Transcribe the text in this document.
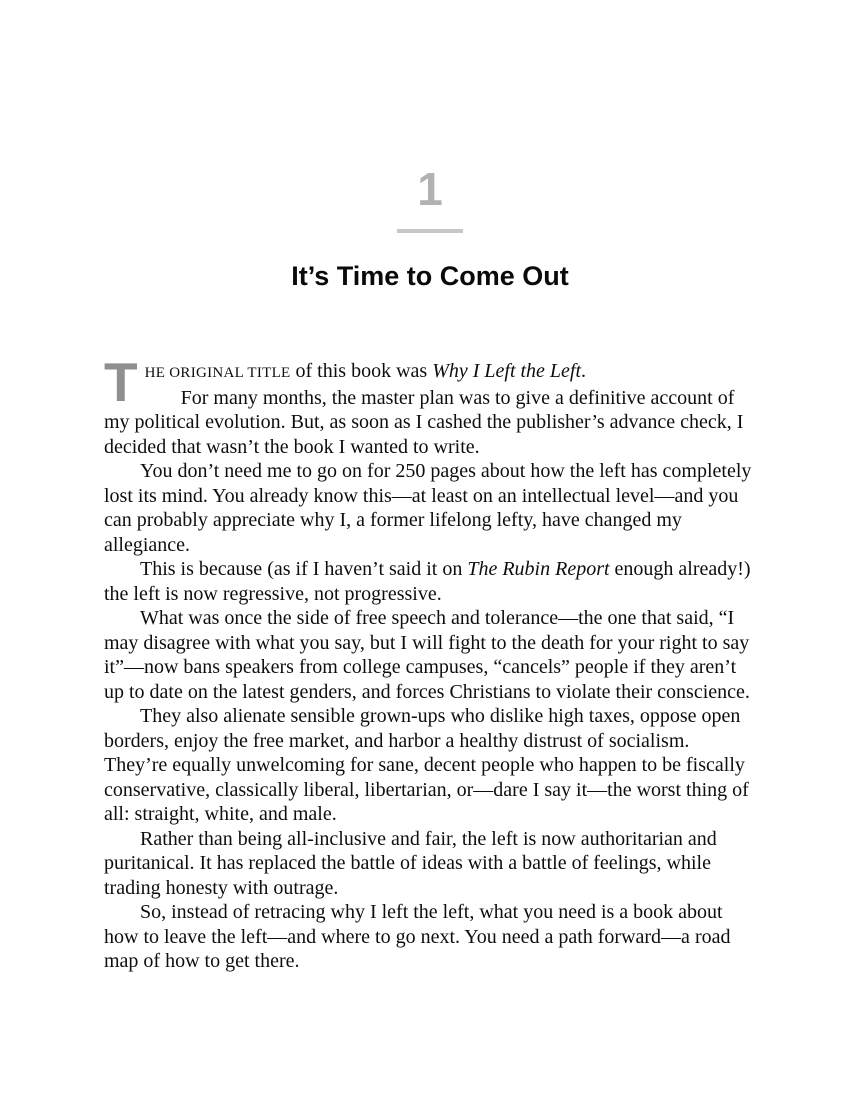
1
It’s Time to Come Out

THE ORIGINAL TITLE of this book was Why I Left the Left.

For many months, the master plan was to give a definitive account of my political evolution. But, as soon as I cashed the publisher’s advance check, I decided that wasn’t the book I wanted to write.

You don’t need me to go on for 250 pages about how the left has completely lost its mind. You already know this—at least on an intellectual level—and you can probably appreciate why I, a former lifelong lefty, have changed my allegiance.

This is because (as if I haven’t said it on The Rubin Report enough already!) the left is now regressive, not progressive.

What was once the side of free speech and tolerance—the one that said, “I may disagree with what you say, but I will fight to the death for your right to say it”—now bans speakers from college campuses, “cancels” people if they aren’t up to date on the latest genders, and forces Christians to violate their conscience.

They also alienate sensible grown-ups who dislike high taxes, oppose open borders, enjoy the free market, and harbor a healthy distrust of socialism. They’re equally unwelcoming for sane, decent people who happen to be fiscally conservative, classically liberal, libertarian, or—dare I say it—the worst thing of all: straight, white, and male.

Rather than being all-inclusive and fair, the left is now authoritarian and puritanical. It has replaced the battle of ideas with a battle of feelings, while trading honesty with outrage.

So, instead of retracing why I left the left, what you need is a book about how to leave the left—and where to go next. You need a path forward—a road map of how to get there.
